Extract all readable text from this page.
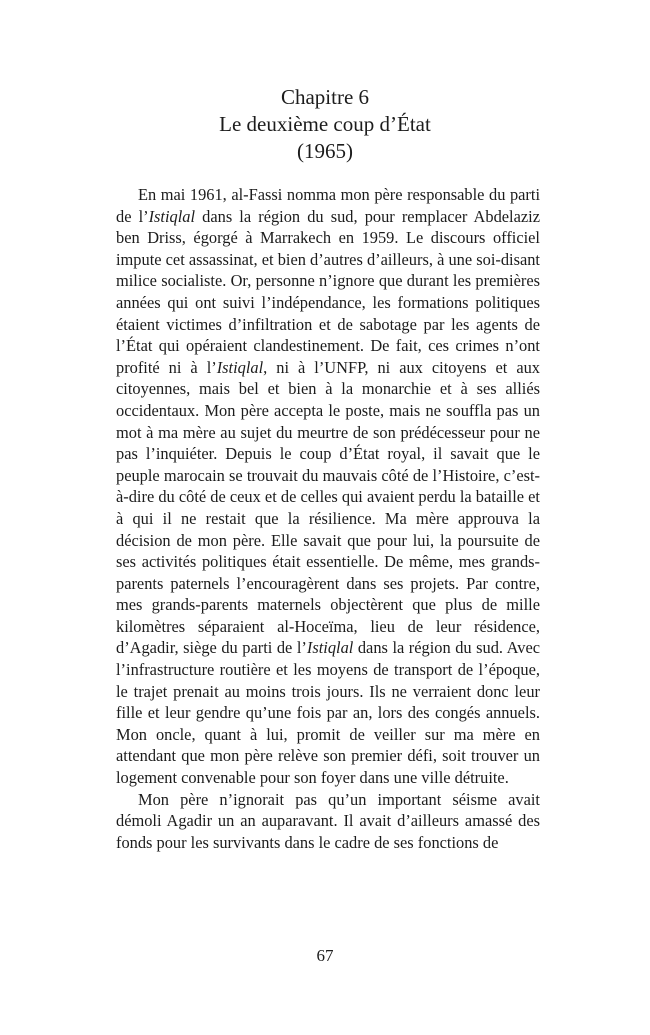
Chapitre 6
Le deuxième coup d’État
(1965)

En mai 1961, al-Fassi nomma mon père responsable du parti de l’Istiqlal dans la région du sud, pour remplacer Abdelaziz ben Driss, égorgé à Marrakech en 1959. Le discours officiel impute cet assassinat, et bien d’autres d’ailleurs, à une soi-disant milice socialiste. Or, personne n’ignore que durant les premières années qui ont suivi l’indépendance, les formations politiques étaient victimes d’infiltration et de sabotage par les agents de l’État qui opéraient clandestinement. De fait, ces crimes n’ont profité ni à l’Istiqlal, ni à l’UNFP, ni aux citoyens et aux citoyennes, mais bel et bien à la monarchie et à ses alliés occidentaux. Mon père accepta le poste, mais ne souffla pas un mot à ma mère au sujet du meurtre de son prédécesseur pour ne pas l’inquiéter. Depuis le coup d’État royal, il savait que le peuple marocain se trouvait du mauvais côté de l’Histoire, c’est-à-dire du côté de ceux et de celles qui avaient perdu la bataille et à qui il ne restait que la résilience. Ma mère approuva la décision de mon père. Elle savait que pour lui, la poursuite de ses activités politiques était essentielle. De même, mes grands-parents paternels l’encouragèrent dans ses projets. Par contre, mes grands-parents maternels objectèrent que plus de mille kilomètres séparaient al-Hoceïma, lieu de leur résidence, d’Agadir, siège du parti de l’Istiqlal dans la région du sud. Avec l’infrastructure routière et les moyens de transport de l’époque, le trajet prenait au moins trois jours. Ils ne verraient donc leur fille et leur gendre qu’une fois par an, lors des congés annuels. Mon oncle, quant à lui, promit de veiller sur ma mère en attendant que mon père relève son premier défi, soit trouver un logement convenable pour son foyer dans une ville détruite.

Mon père n’ignorait pas qu’un important séisme avait démoli Agadir un an auparavant. Il avait d’ailleurs amassé des fonds pour les survivants dans le cadre de ses fonctions de

67
